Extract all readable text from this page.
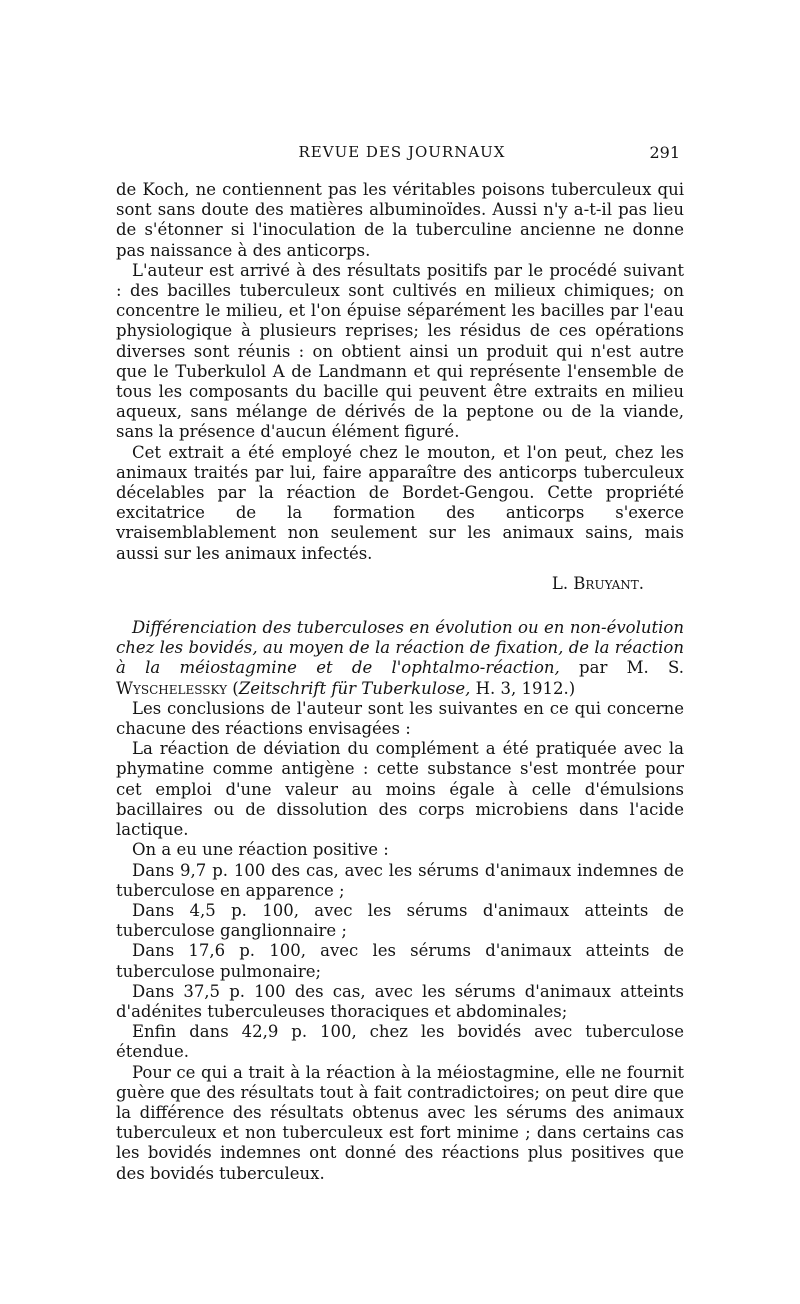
REVUE DES JOURNAUX	291

de Koch, ne contiennent pas les véritables poisons tuberculeux qui sont sans doute des matières albuminoïdes. Aussi n'y a-t-il pas lieu de s'étonner si l'inoculation de la tuberculine ancienne ne donne pas naissance à des anticorps.

L'auteur est arrivé à des résultats positifs par le procédé suivant : des bacilles tuberculeux sont cultivés en milieux chimiques; on concentre le milieu, et l'on épuise séparément les bacilles par l'eau physiologique à plusieurs reprises; les résidus de ces opérations diverses sont réunis : on obtient ainsi un produit qui n'est autre que le Tuberkulol A de Landmann et qui représente l'ensemble de tous les composants du bacille qui peuvent être extraits en milieu aqueux, sans mélange de dérivés de la peptone ou de la viande, sans la présence d'aucun élément figuré.

Cet extrait a été employé chez le mouton, et l'on peut, chez les animaux traités par lui, faire apparaître des anticorps tuberculeux décelables par la réaction de Bordet-Gengou. Cette propriété excitatrice de la formation des anticorps s'exerce vraisemblablement non seulement sur les animaux sains, mais aussi sur les animaux infectés.

L. Bruyant.

Différenciation des tuberculoses en évolution ou en non-évolution chez les bovidés, au moyen de la réaction de fixation, de la réaction à la méiostagmine et de l'ophtalmo-réaction, par M. S. Wyschelessky (Zeitschrift für Tuberkulose, H. 3, 1912.)

Les conclusions de l'auteur sont les suivantes en ce qui concerne chacune des réactions envisagées :

La réaction de déviation du complément a été pratiquée avec la phymatine comme antigène : cette substance s'est montrée pour cet emploi d'une valeur au moins égale à celle d'émulsions bacillaires ou de dissolution des corps microbiens dans l'acide lactique.

On a eu une réaction positive :

Dans 9,7 p. 100 des cas, avec les sérums d'animaux indemnes de tuberculose en apparence ;

Dans 4,5 p. 100, avec les sérums d'animaux atteints de tuberculose ganglionnaire ;

Dans 17,6 p. 100, avec les sérums d'animaux atteints de tuberculose pulmonaire;

Dans 37,5 p. 100 des cas, avec les sérums d'animaux atteints d'adénites tuberculeuses thoraciques et abdominales;

Enfin dans 42,9 p. 100, chez les bovidés avec tuberculose étendue.

Pour ce qui a trait à la réaction à la méiostagmine, elle ne fournit guère que des résultats tout à fait contradictoires; on peut dire que la différence des résultats obtenus avec les sérums des animaux tuberculeux et non tuberculeux est fort minime ; dans certains cas les bovidés indemnes ont donné des réactions plus positives que des bovidés tuberculeux.
